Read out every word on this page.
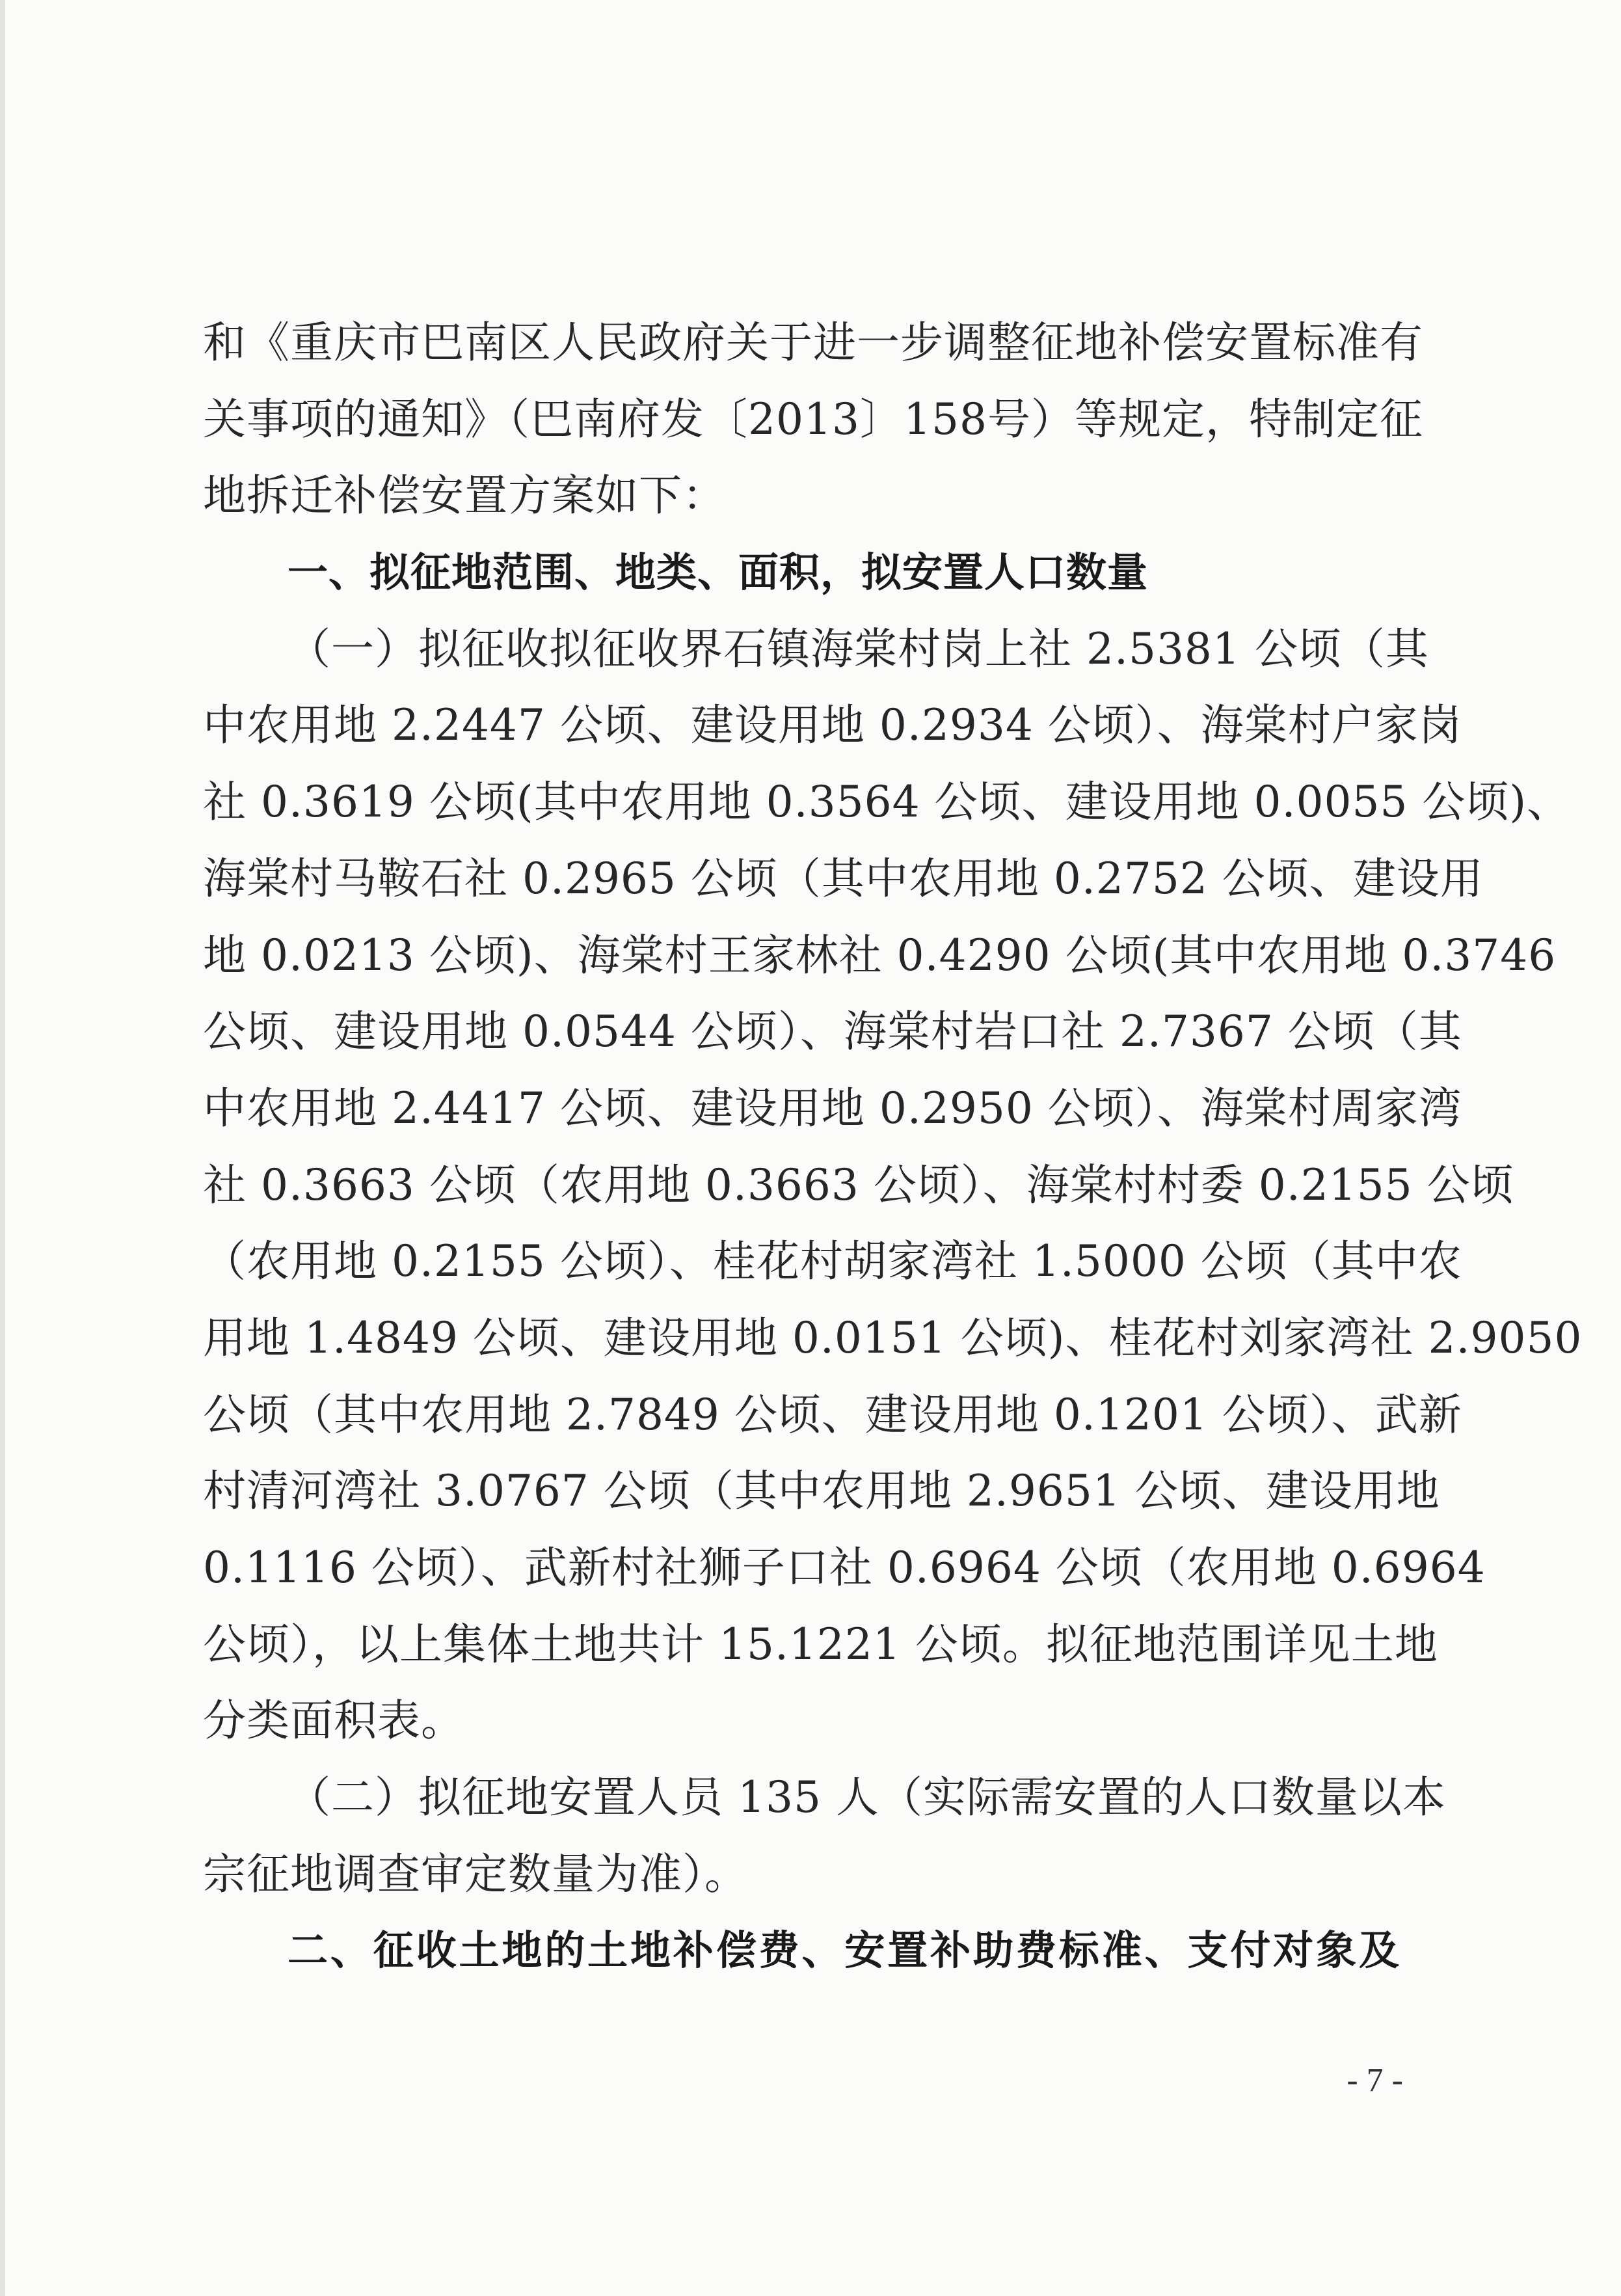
和《重庆市巴南区人民政府关于进一步调整征地补偿安置标准有
关事项的通知》（巴南府发〔2013〕158号）等规定，特制定征
地拆迁补偿安置方案如下：
一、拟征地范围、地类、面积，拟安置人口数量
（一）拟征收拟征收界石镇海棠村岗上社 2.5381 公顷（其
中农用地 2.2447 公顷、建设用地 0.2934 公顷）、海棠村户家岗
社 0.3619 公顷(其中农用地 0.3564 公顷、建设用地 0.0055 公顷)、
海棠村马鞍石社 0.2965 公顷（其中农用地 0.2752 公顷、建设用
地 0.0213 公顷)、海棠村王家林社 0.4290 公顷(其中农用地 0.3746
公顷、建设用地 0.0544 公顷）、海棠村岩口社 2.7367 公顷（其
中农用地 2.4417 公顷、建设用地 0.2950 公顷）、海棠村周家湾
社 0.3663 公顷（农用地 0.3663 公顷）、海棠村村委 0.2155 公顷
（农用地 0.2155 公顷）、桂花村胡家湾社 1.5000 公顷（其中农
用地 1.4849 公顷、建设用地 0.0151 公顷)、桂花村刘家湾社 2.9050
公顷（其中农用地 2.7849 公顷、建设用地 0.1201 公顷）、武新
村清河湾社 3.0767 公顷（其中农用地 2.9651 公顷、建设用地
0.1116 公顷）、武新村社狮子口社 0.6964 公顷（农用地 0.6964
公顷），以上集体土地共计 15.1221 公顷。拟征地范围详见土地
分类面积表。
（二）拟征地安置人员 135 人（实际需安置的人口数量以本
宗征地调查审定数量为准）。
二、征收土地的土地补偿费、安置补助费标准、支付对象及
- 7 -
